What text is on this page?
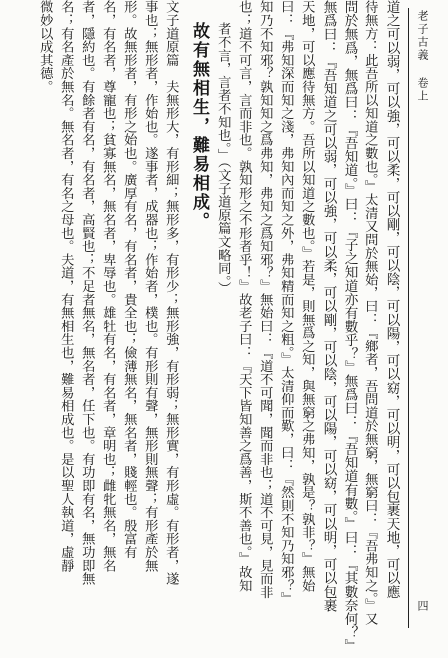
老子古義 卷上
四
道之可以弱，可以強，可以柔，可以剛，可以陰，可以陽，可以窈，可以明，可以包裹天地，可以應
待無方：此吾所以知道之數也。』太清又問於無始，曰：『鄉者，吾問道於無窮，無窮曰：『吾弗知之。』又
問於無爲，無爲曰：『吾知道。』曰：『子之知道亦有數乎？』無爲曰：『吾知道有數。』曰：『其數奈何？』
無爲曰：『吾知道之可以弱，可以強，可以柔，可以剛，可以陰，可以陽，可以窈，可以明，可以包裹
天地，可以應待無方。吾所以知道之數也。』若是，則無爲之知，與無窮之弗知，孰是？孰非？』無始
曰：『弗知深而知之淺，弗知內而知之外，弗知精而知之粗。』太清仰而歎，曰：『然則不知乃知邪？』
知乃不知邪？孰知知之爲弗知，弗知之爲知邪？』無始曰：『道不可聞，聞而非也；道不可見，見而非
也；道不可言，言而非也。孰知形之不形者乎！』故老子曰：『天下皆知善之爲善，斯不善也。』故知
者不言，言者不知也。」（文子道原篇文略同。）
故有無相生，難易相成。
文子道原篇　夫無形大，有形細；無形多，有形少；無形強，有形弱；無形實，有形虛。有形者，遂
事也；無形者，作始也。遂事者，成器也；作始者，樸也。有形則有聲，無形則無聲；有形產於無
形。故無形者，有形之始也。廣厚有名，有名者，貴全也；儉薄無名，無名者，賤輕也。殷富有
名，有名者，尊寵也；貧寡無名，無名者，卑辱也。雄牡有名，有名者，章明也；雌牝無名，無名
者，隱約也。有餘者有名，有名者，高賢也；不足者無名，無名者，任下也。有功即有名，無功即無
名；有名產於無名。無名者，有名之母也。夫道，有無相生也，難易相成也。是以聖人執道，虛靜
微妙以成其德。
